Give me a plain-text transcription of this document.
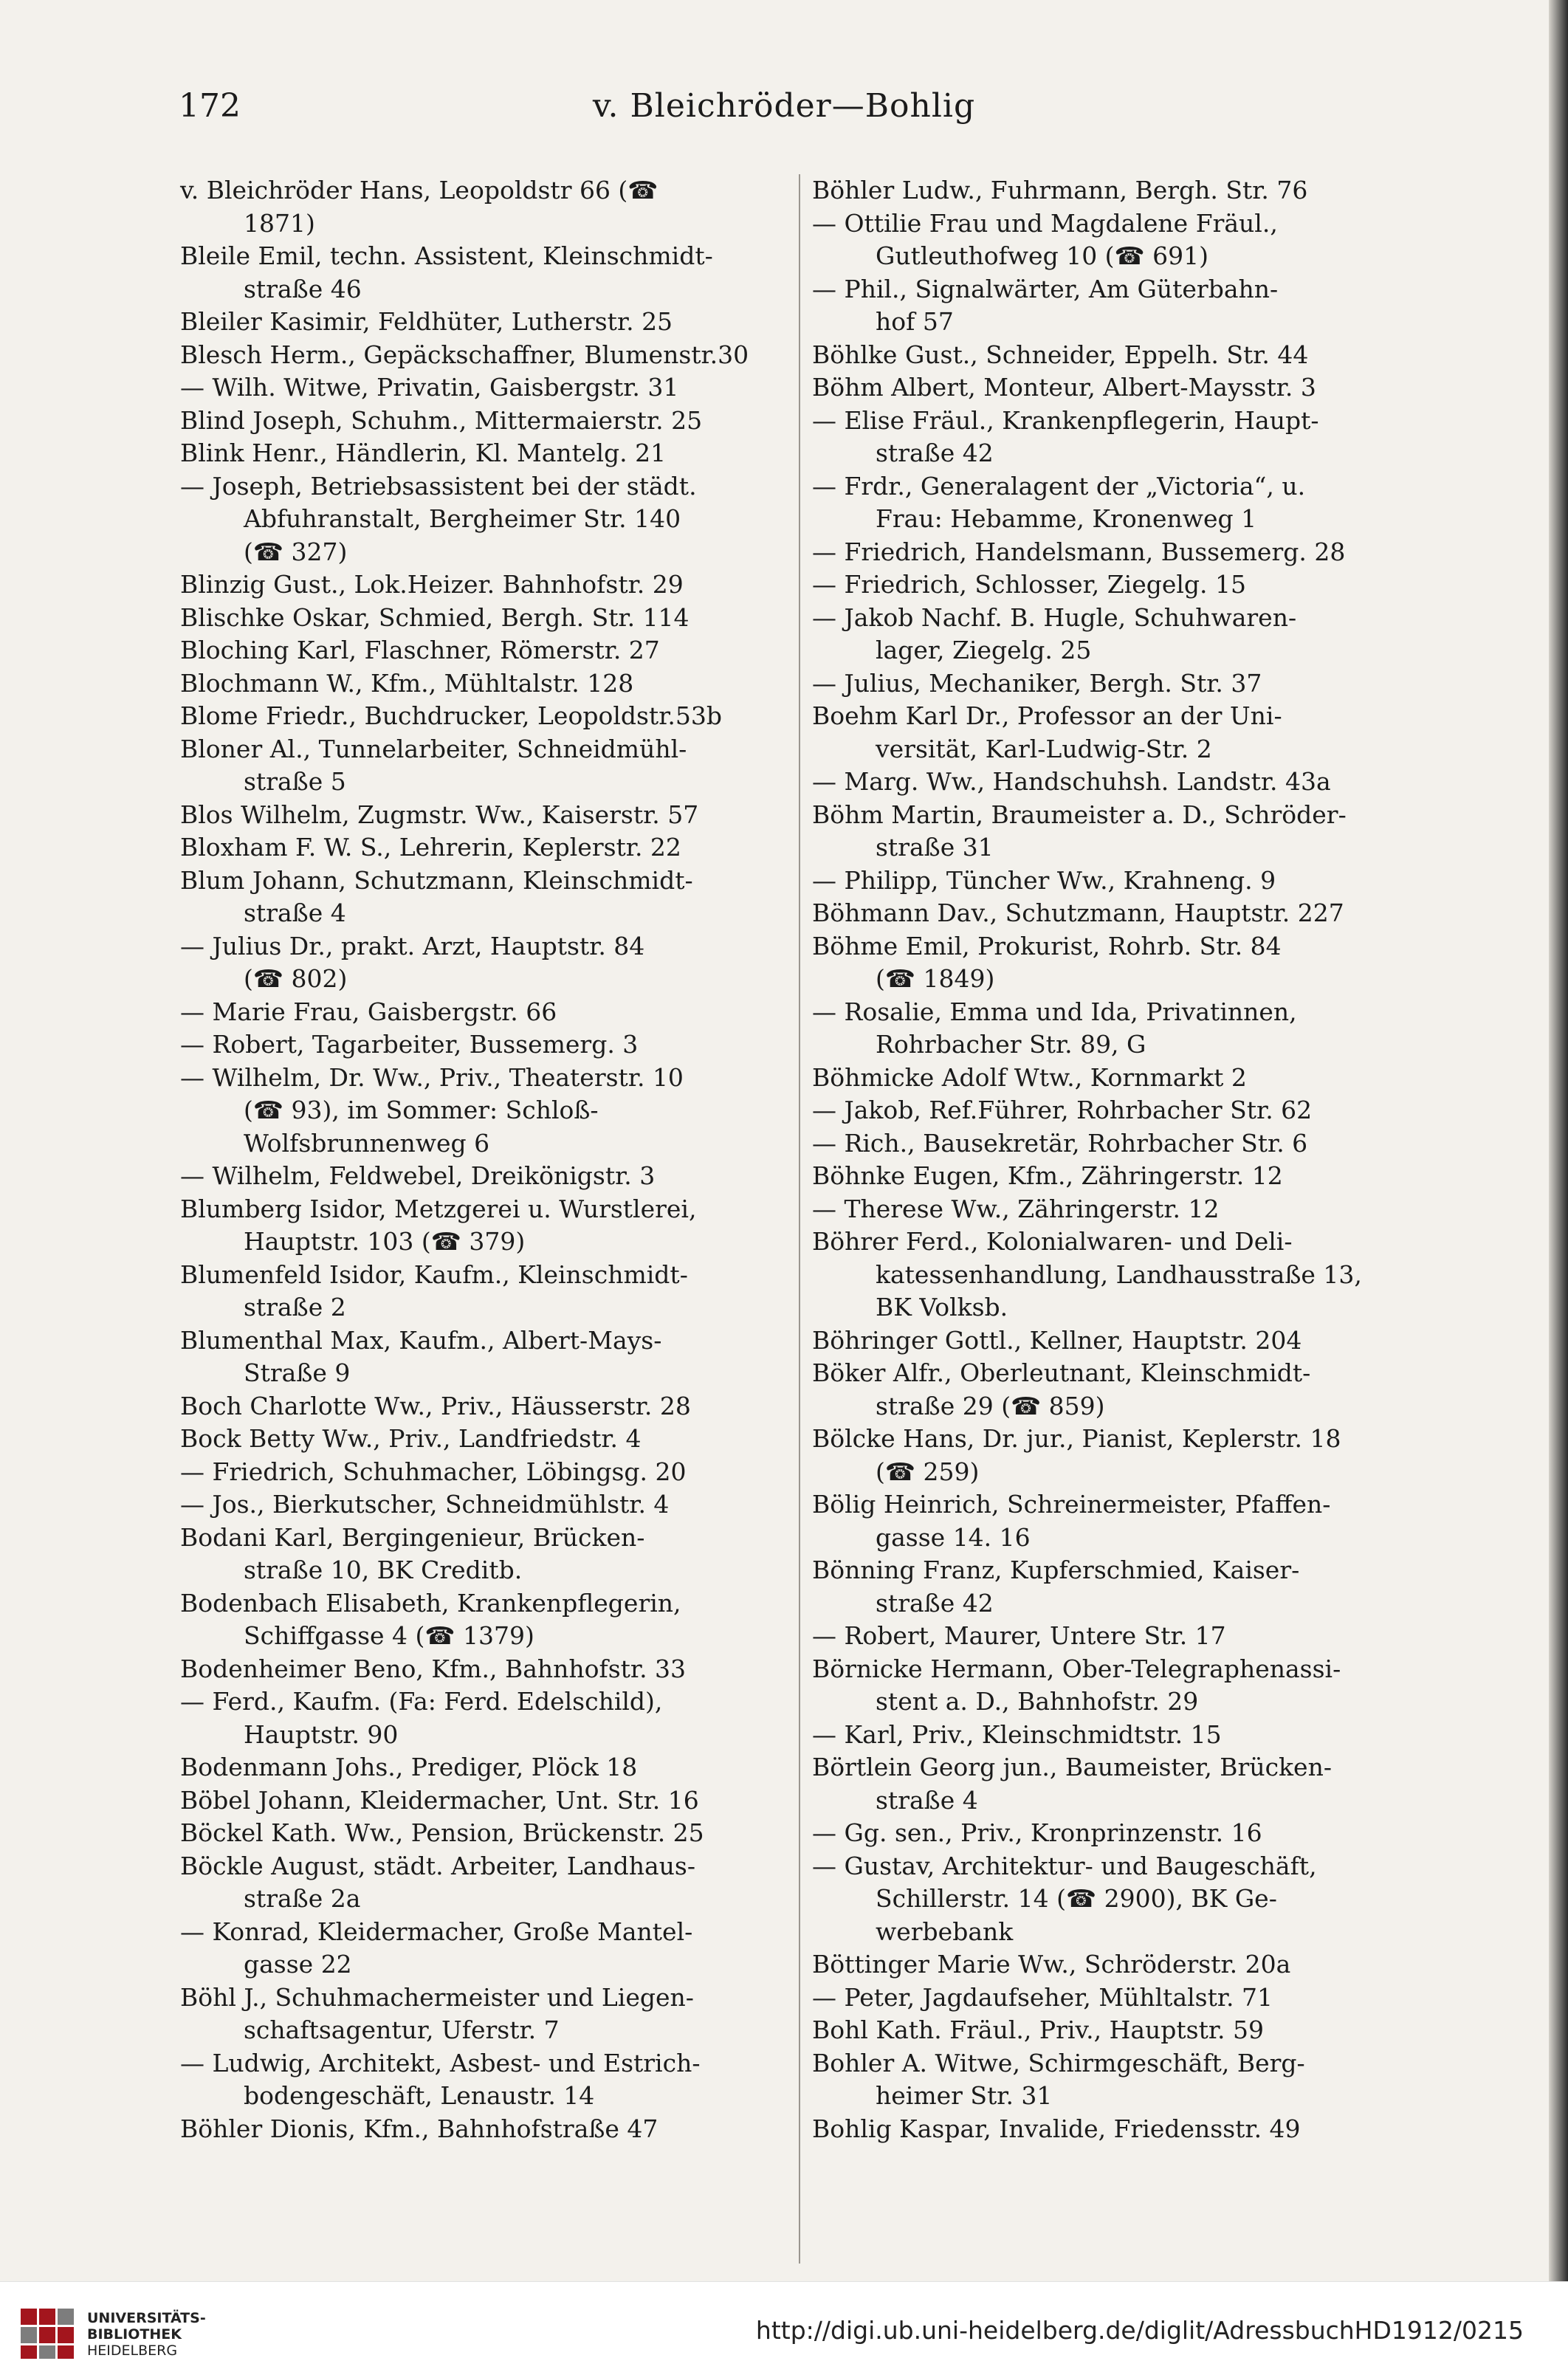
172	v. Bleichröder—Bohlig
v. Bleichröder Hans, Leopoldstr 66 (☎
1871)
Bleile Emil, techn. Assistent, Kleinschmidt-
straße 46
Bleiler Kasimir, Feldhüter, Lutherstr. 25
Blesch Herm., Gepäckschaffner, Blumenstr.30
— Wilh. Witwe, Privatin, Gaisbergstr. 31
Blind Joseph, Schuhm., Mittermaierstr. 25
Blink Henr., Händlerin, Kl. Mantelg. 21
— Joseph, Betriebsassistent bei der städt.
Abfuhranstalt, Bergheimer Str. 140
(☎ 327)
Blinzig Gust., Lok.Heizer. Bahnhofstr. 29
Blischke Oskar, Schmied, Bergh. Str. 114
Bloching Karl, Flaschner, Römerstr. 27
Blochmann W., Kfm., Mühltalstr. 128
Blome Friedr., Buchdrucker, Leopoldstr.53b
Bloner Al., Tunnelarbeiter, Schneidmühl-
straße 5
Blos Wilhelm, Zugmstr. Ww., Kaiserstr. 57
Bloxham F. W. S., Lehrerin, Keplerstr. 22
Blum Johann, Schutzmann, Kleinschmidt-
straße 4
— Julius Dr., prakt. Arzt, Hauptstr. 84
(☎ 802)
— Marie Frau, Gaisbergstr. 66
— Robert, Tagarbeiter, Bussemerg. 3
— Wilhelm, Dr. Ww., Priv., Theaterstr. 10
(☎ 93), im Sommer: Schloß-
Wolfsbrunnenweg 6
— Wilhelm, Feldwebel, Dreikönigstr. 3
Blumberg Isidor, Metzgerei u. Wurstlerei,
Hauptstr. 103 (☎ 379)
Blumenfeld Isidor, Kaufm., Kleinschmidt-
straße 2
Blumenthal Max, Kaufm., Albert-Mays-
Straße 9
Boch Charlotte Ww., Priv., Häusserstr. 28
Bock Betty Ww., Priv., Landfriedstr. 4
— Friedrich, Schuhmacher, Löbingsg. 20
— Jos., Bierkutscher, Schneidmühlstr. 4
Bodani Karl, Bergingenieur, Brücken-
straße 10, BK Creditb.
Bodenbach Elisabeth, Krankenpflegerin,
Schiffgasse 4 (☎ 1379)
Bodenheimer Beno, Kfm., Bahnhofstr. 33
— Ferd., Kaufm. (Fa: Ferd. Edelschild),
Hauptstr. 90
Bodenmann Johs., Prediger, Plöck 18
Böbel Johann, Kleidermacher, Unt. Str. 16
Böckel Kath. Ww., Pension, Brückenstr. 25
Böckle August, städt. Arbeiter, Landhaus-
straße 2a
— Konrad, Kleidermacher, Große Mantel-
gasse 22
Böhl J., Schuhmachermeister und Liegen-
schaftsagentur, Uferstr. 7
— Ludwig, Architekt, Asbest- und Estrich-
bodengeschäft, Lenaustr. 14
Böhler Dionis, Kfm., Bahnhofstraße 47
Böhler Ludw., Fuhrmann, Bergh. Str. 76
— Ottilie Frau und Magdalene Fräul.,
Gutleuthofweg 10 (☎ 691)
— Phil., Signalwärter, Am Güterbahn-
hof 57
Böhlke Gust., Schneider, Eppelh. Str. 44
Böhm Albert, Monteur, Albert-Maysstr. 3
— Elise Fräul., Krankenpflegerin, Haupt-
straße 42
— Frdr., Generalagent der „Victoria“, u.
Frau: Hebamme, Kronenweg 1
— Friedrich, Handelsmann, Bussemerg. 28
— Friedrich, Schlosser, Ziegelg. 15
— Jakob Nachf. B. Hugle, Schuhwaren-
lager, Ziegelg. 25
— Julius, Mechaniker, Bergh. Str. 37
Boehm Karl Dr., Professor an der Uni-
versität, Karl-Ludwig-Str. 2
— Marg. Ww., Handschuhsh. Landstr. 43a
Böhm Martin, Braumeister a. D., Schröder-
straße 31
— Philipp, Tüncher Ww., Krahneng. 9
Böhmann Dav., Schutzmann, Hauptstr. 227
Böhme Emil, Prokurist, Rohrb. Str. 84
(☎ 1849)
— Rosalie, Emma und Ida, Privatinnen,
Rohrbacher Str. 89, G
Böhmicke Adolf Wtw., Kornmarkt 2
— Jakob, Ref.Führer, Rohrbacher Str. 62
— Rich., Bausekretär, Rohrbacher Str. 6
Böhnke Eugen, Kfm., Zähringerstr. 12
— Therese Ww., Zähringerstr. 12
Böhrer Ferd., Kolonialwaren- und Deli-
katessenhandlung, Landhausstraße 13,
BK Volksb.
Böhringer Gottl., Kellner, Hauptstr. 204
Böker Alfr., Oberleutnant, Kleinschmidt-
straße 29 (☎ 859)
Bölcke Hans, Dr. jur., Pianist, Keplerstr. 18
(☎ 259)
Bölig Heinrich, Schreinermeister, Pfaffen-
gasse 14. 16
Bönning Franz, Kupferschmied, Kaiser-
straße 42
— Robert, Maurer, Untere Str. 17
Börnicke Hermann, Ober-Telegraphenassi-
stent a. D., Bahnhofstr. 29
— Karl, Priv., Kleinschmidtstr. 15
Börtlein Georg jun., Baumeister, Brücken-
straße 4
— Gg. sen., Priv., Kronprinzenstr. 16
— Gustav, Architektur- und Baugeschäft,
Schillerstr. 14 (☎ 2900), BK Ge-
werbebank
Böttinger Marie Ww., Schröderstr. 20a
— Peter, Jagdaufseher, Mühltalstr. 71
Bohl Kath. Fräul., Priv., Hauptstr. 59
Bohler A. Witwe, Schirmgeschäft, Berg-
heimer Str. 31
Bohlig Kaspar, Invalide, Friedensstr. 49
UNIVERSITÄTS-
BIBLIOTHEK
HEIDELBERG
http://digi.ub.uni-heidelberg.de/diglit/AdressbuchHD1912/0215
